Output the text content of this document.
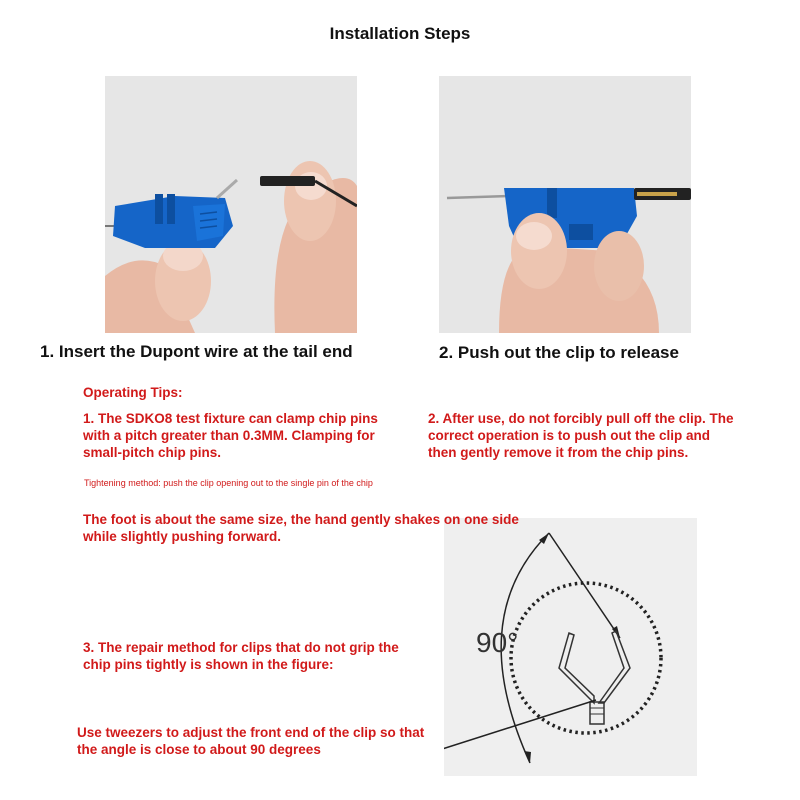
Installation Steps
1. Insert the Dupont wire at the tail end	2. Push out the clip to release
Operating Tips:
1. The SDKO8 test fixture can clamp chip pins with a pitch greater than 0.3MM. Clamping for small-pitch chip pins.
2. After use, do not forcibly pull off the clip. The correct operation is to push out the clip and then gently remove it from the chip pins.
Tightening method: push the clip opening out to the single pin of the chip
90°
The foot is about the same size, the hand gently shakes on one side while slightly pushing forward.
3. The repair method for clips that do not grip the chip pins tightly is shown in the figure:
Use tweezers to adjust the front end of the clip so that the angle is close to about 90 degrees
